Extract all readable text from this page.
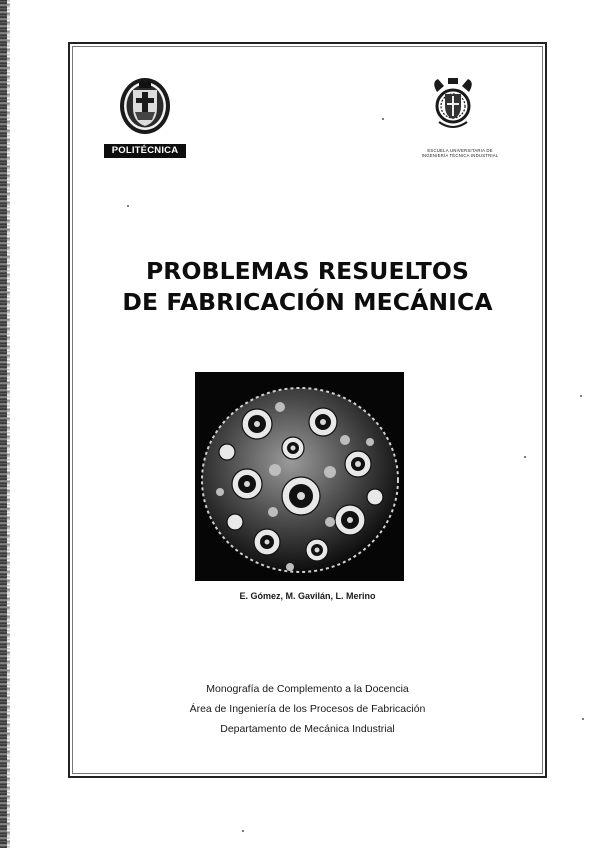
POLITÉCNICA	ESCUELA UNIVERSITARIA DE
INGENIERÍA TÉCNICA INDUSTRIAL
PROBLEMAS RESUELTOS
DE FABRICACIÓN MECÁNICA
E. Gómez, M. Gavilán, L. Merino
Monografía de Complemento a la Docencia
Área de Ingeniería de los Procesos de Fabricación
Departamento de Mecánica Industrial
